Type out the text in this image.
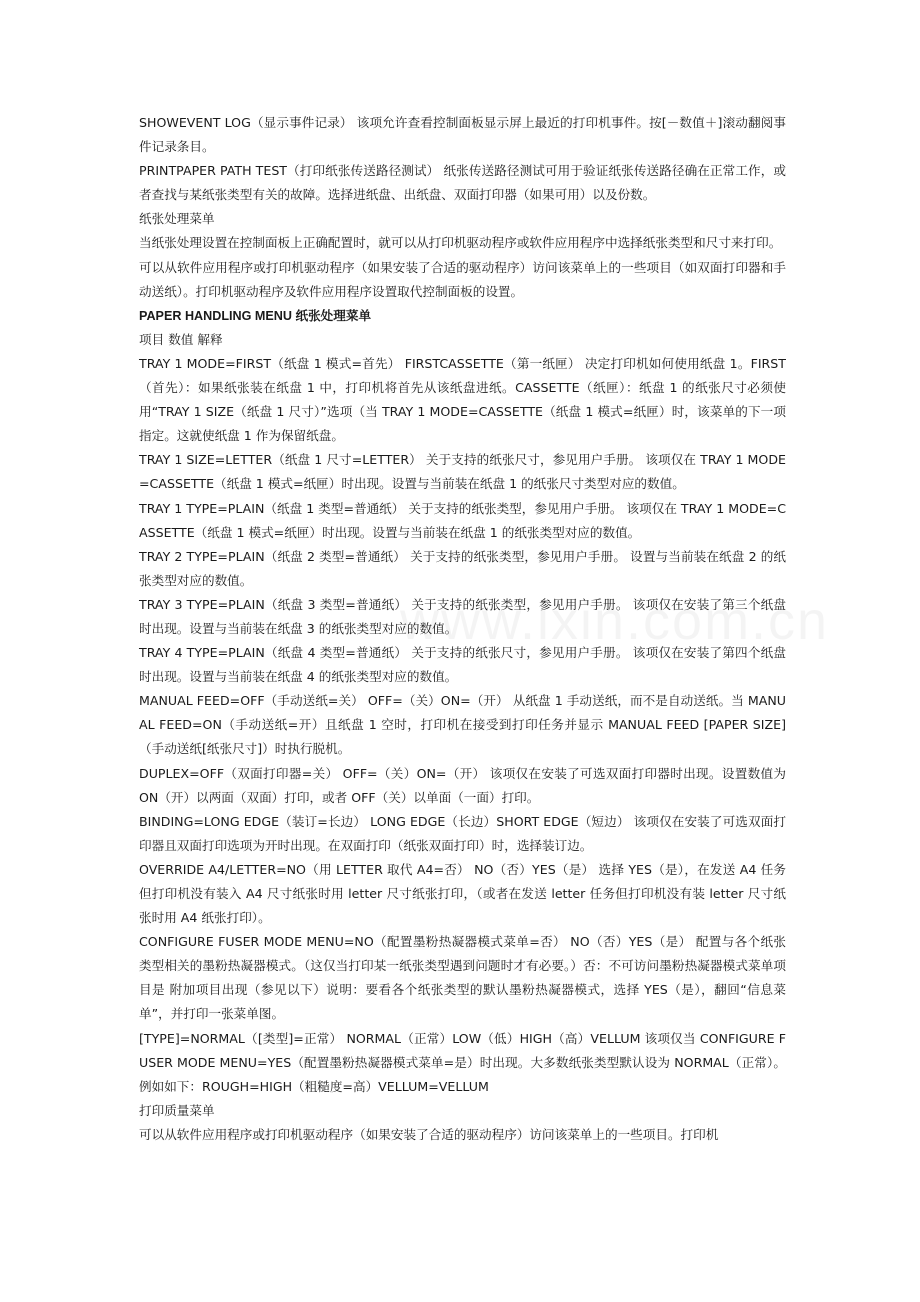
SHOWEVENT LOG（显示事件记录） 该项允许查看控制面板显示屏上最近的打印机事件。按[－数值＋]滚动翻阅事件记录条目。

PRINTPAPER PATH TEST（打印纸张传送路径测试） 纸张传送路径测试可用于验证纸张传送路径确在正常工作，或者查找与某纸张类型有关的故障。选择进纸盘、出纸盘、双面打印器（如果可用）以及份数。

纸张处理菜单

当纸张处理设置在控制面板上正确配置时，就可以从打印机驱动程序或软件应用程序中选择纸张类型和尺寸来打印。

可以从软件应用程序或打印机驱动程序（如果安装了合适的驱动程序）访问该菜单上的一些项目（如双面打印器和手动送纸）。打印机驱动程序及软件应用程序设置取代控制面板的设置。

PAPER HANDLING MENU 纸张处理菜单

项目 数值 解释

TRAY 1 MODE=FIRST（纸盘 1 模式=首先） FIRSTCASSETTE（第一纸匣） 决定打印机如何使用纸盘 1。FIRST（首先）：如果纸张装在纸盘 1 中，打印机将首先从该纸盘进纸。CASSETTE（纸匣）：纸盘 1 的纸张尺寸必须使用“TRAY 1 SIZE（纸盘 1 尺寸）”选项（当 TRAY 1 MODE=CASSETTE（纸盘 1 模式=纸匣）时，该菜单的下一项指定。这就使纸盘 1 作为保留纸盘。

TRAY 1 SIZE=LETTER（纸盘 1 尺寸=LETTER） 关于支持的纸张尺寸，参见用户手册。 该项仅在 TRAY 1 MODE=CASSETTE（纸盘 1 模式=纸匣）时出现。设置与当前装在纸盘 1 的纸张尺寸类型对应的数值。

TRAY 1 TYPE=PLAIN（纸盘 1 类型=普通纸） 关于支持的纸张类型，参见用户手册。 该项仅在 TRAY 1 MODE=CASSETTE（纸盘 1 模式=纸匣）时出现。设置与当前装在纸盘 1 的纸张类型对应的数值。

TRAY 2 TYPE=PLAIN（纸盘 2 类型=普通纸） 关于支持的纸张类型，参见用户手册。 设置与当前装在纸盘 2 的纸张类型对应的数值。

TRAY 3 TYPE=PLAIN（纸盘 3 类型=普通纸） 关于支持的纸张类型，参见用户手册。 该项仅在安装了第三个纸盘时出现。设置与当前装在纸盘 3 的纸张类型对应的数值。

TRAY 4 TYPE=PLAIN（纸盘 4 类型=普通纸） 关于支持的纸张尺寸，参见用户手册。 该项仅在安装了第四个纸盘时出现。设置与当前装在纸盘 4 的纸张类型对应的数值。

MANUAL FEED=OFF（手动送纸=关） OFF=（关）ON=（开） 从纸盘 1 手动送纸，而不是自动送纸。当 MANUAL FEED=ON（手动送纸=开）且纸盘 1 空时，打印机在接受到打印任务并显示 MANUAL FEED [PAPER SIZE]（手动送纸[纸张尺寸]）时执行脱机。

DUPLEX=OFF（双面打印器=关） OFF=（关）ON=（开） 该项仅在安装了可选双面打印器时出现。设置数值为 ON（开）以两面（双面）打印，或者 OFF（关）以单面（一面）打印。

BINDING=LONG EDGE（装订=长边） LONG EDGE（长边）SHORT EDGE（短边） 该项仅在安装了可选双面打印器且双面打印选项为开时出现。在双面打印（纸张双面打印）时，选择装订边。

OVERRIDE A4/LETTER=NO（用 LETTER 取代 A4=否） NO（否）YES（是） 选择 YES（是），在发送 A4 任务但打印机没有装入 A4 尺寸纸张时用 letter 尺寸纸张打印，（或者在发送 letter 任务但打印机没有装 letter 尺寸纸张时用 A4 纸张打印）。

CONFIGURE FUSER MODE MENU=NO（配置墨粉热凝器模式菜单=否） NO（否）YES（是） 配置与各个纸张类型相关的墨粉热凝器模式。（这仅当打印某一纸张类型遇到问题时才有必要。）否：不可访问墨粉热凝器模式菜单项目是 附加项目出现（参见以下）说明：要看各个纸张类型的默认墨粉热凝器模式，选择 YES（是），翻回“信息菜单”，并打印一张菜单图。

[TYPE]=NORMAL（[类型]=正常） NORMAL（正常）LOW（低）HIGH（高）VELLUM 该项仅当 CONFIGURE FUSER MODE MENU=YES（配置墨粉热凝器模式菜单=是）时出现。大多数纸张类型默认设为 NORMAL（正常）。例如如下：ROUGH=HIGH（粗糙度=高）VELLUM=VELLUM

打印质量菜单

可以从软件应用程序或打印机驱动程序（如果安装了合适的驱动程序）访问该菜单上的一些项目。打印机
